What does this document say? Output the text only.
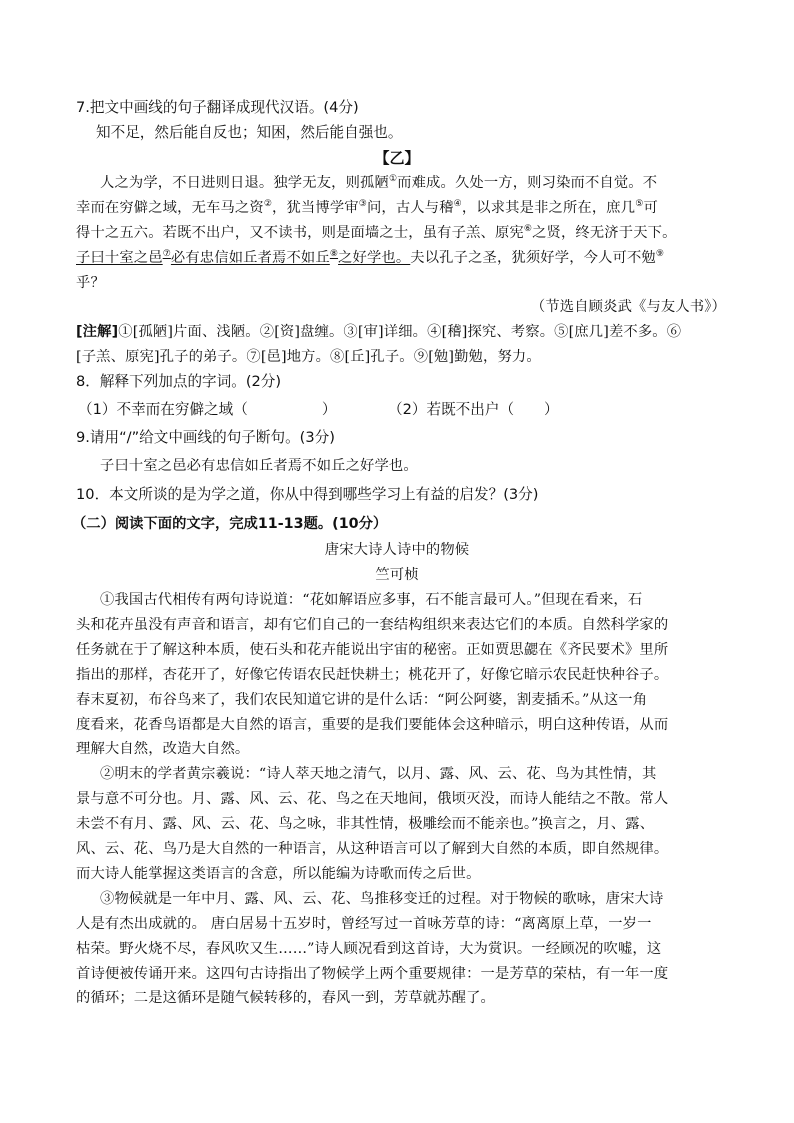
7.把文中画线的句子翻译成现代汉语。(4分)
知不足，然后能自反也；知困，然后能自强也。
【乙】
人之为学，不日进则日退。独学无友，则孤陋①而难成。久处一方，则习染而不自觉。不
幸而在穷僻之域，无车马之资②，犹当博学审③问，古人与稽④，以求其是非之所在，庶几⑤可
得十之五六。若既不出户，又不读书，则是面墙之士，虽有子羔、原宪⑥之贤，终无济于天下。
子曰十室之邑⑦必有忠信如丘者焉不如丘⑧之好学也。夫以孔子之圣，犹须好学，今人可不勉⑨
乎？
（节选自顾炎武《与友人书》）
[注解]①[孤陋]片面、浅陋。②[资]盘缠。③[审]详细。④[稽]探究、考察。⑤[庶几]差不多。⑥
[子羔、原宪]孔子的弟子。⑦[邑]地方。⑧[丘]孔子。⑨[勉]勤勉，努力。
8．解释下列加点的字词。(2分)
（1）不幸而在穷僻之域（	）	（2）若既不出户（ ）
9.请用“/”给文中画线的句子断句。(3分)
子曰十室之邑必有忠信如丘者焉不如丘之好学也。
10．本文所谈的是为学之道，你从中得到哪些学习上有益的启发？(3分)
（二）阅读下面的文字，完成11-13题。(10分）
唐宋大诗人诗中的物候
竺可桢
①我国古代相传有两句诗说道：“花如解语应多事，石不能言最可人。”但现在看来，石
头和花卉虽没有声音和语言，却有它们自己的一套结构组织来表达它们的本质。自然科学家的
任务就在于了解这种本质，使石头和花卉能说出宇宙的秘密。正如贾思勰在《齐民要术》里所
指出的那样，杏花开了，好像它传语农民赶快耕土；桃花开了，好像它暗示农民赶快种谷子。
春末夏初，布谷鸟来了，我们农民知道它讲的是什么话：“阿公阿婆，割麦插禾。”从这一角
度看来，花香鸟语都是大自然的语言，重要的是我们要能体会这种暗示，明白这种传语，从而
理解大自然，改造大自然。
②明末的学者黄宗羲说：“诗人萃天地之清气，以月、露、风、云、花、鸟为其性情，其
景与意不可分也。月、露、风、云、花、鸟之在天地间，俄顷灭没，而诗人能结之不散。常人
未尝不有月、露、风、云、花、鸟之咏，非其性情，极雕绘而不能亲也。”换言之，月、露、
风、云、花、鸟乃是大自然的一种语言，从这种语言可以了解到大自然的本质，即自然规律。
而大诗人能掌握这类语言的含意，所以能编为诗歌而传之后世。
③物候就是一年中月、露、风、云、花、鸟推移变迁的过程。对于物候的歌咏，唐宋大诗
人是有杰出成就的。 唐白居易十五岁时，曾经写过一首咏芳草的诗：“离离原上草，一岁一
枯荣。野火烧不尽，春风吹又生……”诗人顾况看到这首诗，大为赏识。一经顾况的吹嘘，这
首诗便被传诵开来。这四句古诗指出了物候学上两个重要规律：一是芳草的荣枯，有一年一度
的循环；二是这循环是随气候转移的，春风一到，芳草就苏醒了。
